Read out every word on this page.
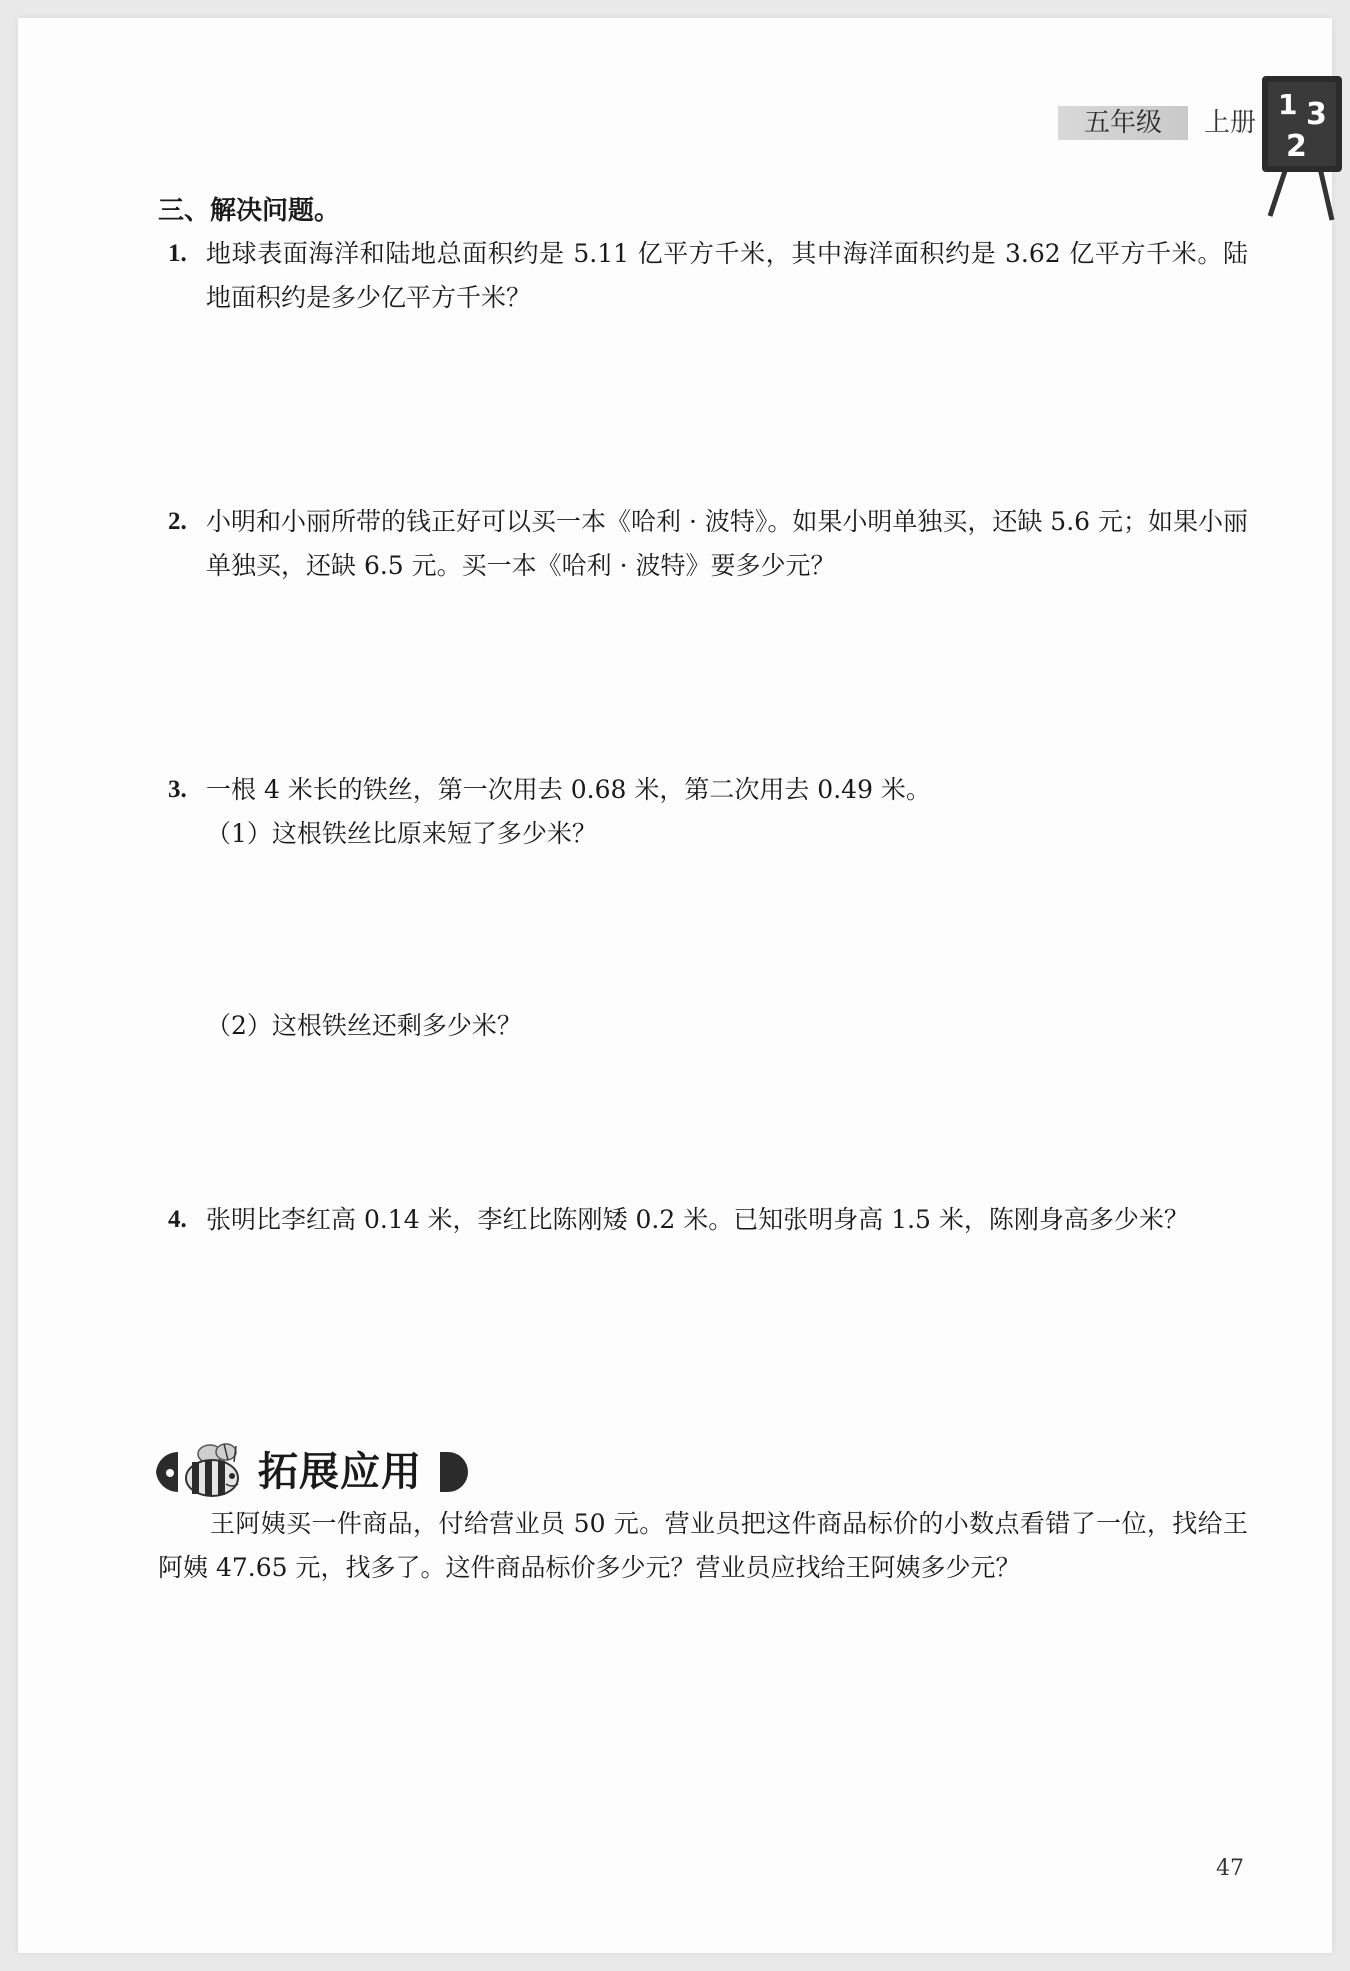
五年级	上册
1 3
2
三、解决问题。
1. 地球表面海洋和陆地总面积约是 5.11 亿平方千米，其中海洋面积约是 3.62 亿平方千米。陆地面积约是多少亿平方千米？
2. 小明和小丽所带的钱正好可以买一本《哈利 · 波特》。如果小明单独买，还缺 5.6 元；如果小丽单独买，还缺 6.5 元。买一本《哈利 · 波特》要多少元？
3. 一根 4 米长的铁丝，第一次用去 0.68 米，第二次用去 0.49 米。
（1）这根铁丝比原来短了多少米？
（2）这根铁丝还剩多少米？
4. 张明比李红高 0.14 米，李红比陈刚矮 0.2 米。已知张明身高 1.5 米，陈刚身高多少米？
拓展应用
王阿姨买一件商品，付给营业员 50 元。营业员把这件商品标价的小数点看错了一位，找给王阿姨 47.65 元，找多了。这件商品标价多少元？营业员应找给王阿姨多少元？
47
